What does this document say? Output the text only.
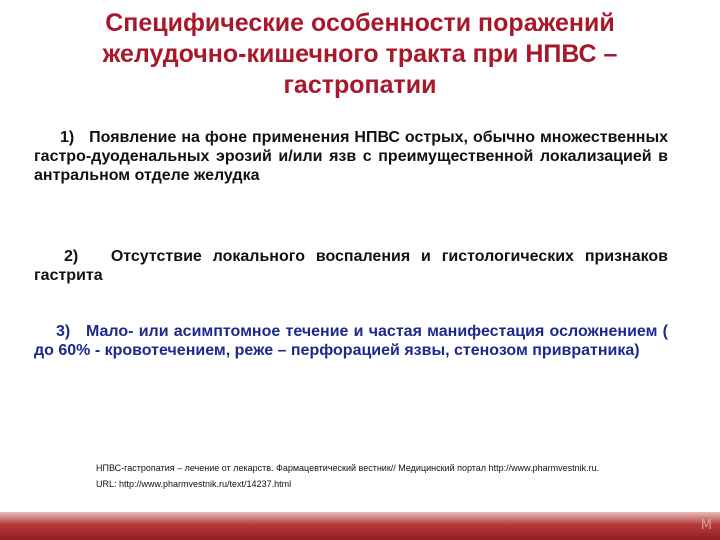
Специфические особенности поражений желудочно-кишечного тракта при НПВС – гастропатии
1)   Появление на фоне применения НПВС острых, обычно множественных гастро-дуоденальных эрозий и/или язв с преимущественной локализацией в антральном отделе желудка
2)   Отсутствие локального воспаления и гистологических признаков гастрита
3)   Мало- или асимптомное течение и частая манифестация осложнением ( до 60% - кровотечением, реже – перфорацией язвы, стенозом привратника)
НПВС-гастропатия – лечение от лекарств. Фармацевтический вестник// Медицинский портал http://www.pharmvestnik.ru.
URL: http://www.pharmvestnik.ru/text/14237.html
M
